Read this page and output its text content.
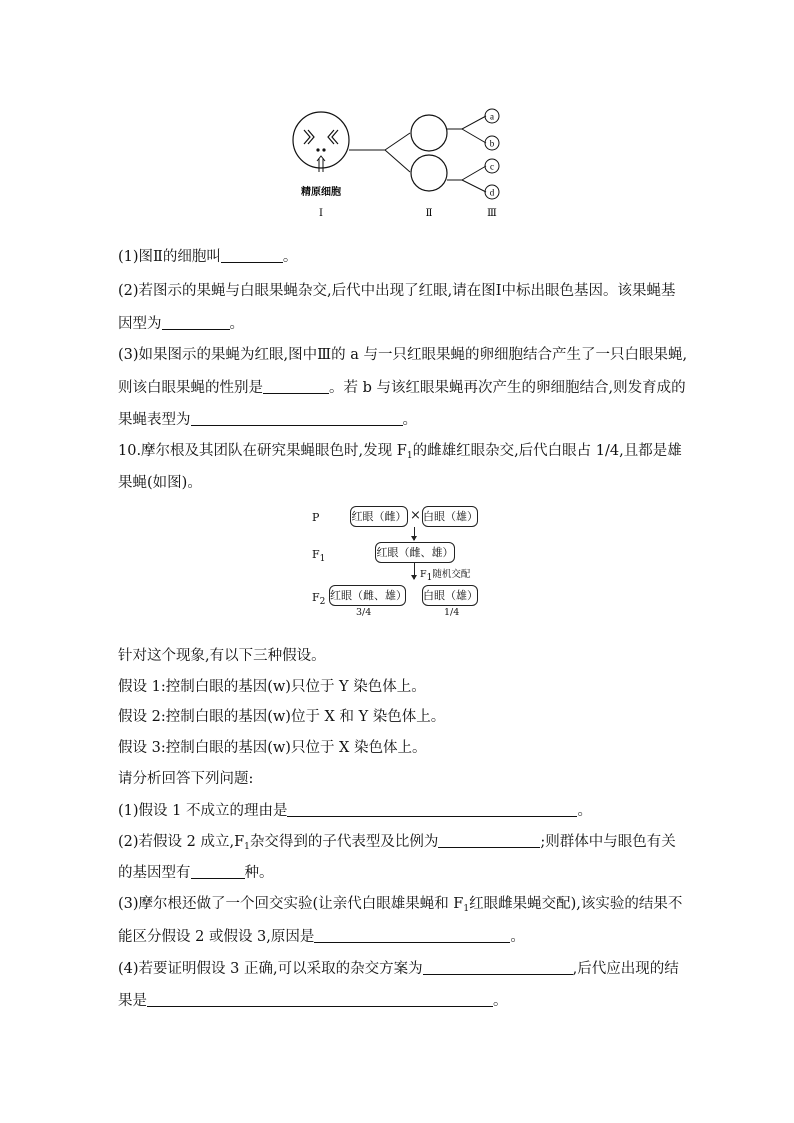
a
b
c
d
精原细胞
Ⅰ	Ⅱ	Ⅲ
(1)图Ⅱ的细胞叫	。
(2)若图示的果蝇与白眼果蝇杂交,后代中出现了红眼,请在图Ⅰ中标出眼色基因。该果蝇基
因型为	。
(3)如果图示的果蝇为红眼,图中Ⅲ的 a 与一只红眼果蝇的卵细胞结合产生了一只白眼果蝇,
则该白眼果蝇的性别是	。若 b 与该红眼果蝇再次产生的卵细胞结合,则发育成的
果蝇表型为	。
10.摩尔根及其团队在研究果蝇眼色时,发现 $F_1$的雌雄红眼杂交,后代白眼占 1/4,且都是雄
果蝇(如图)。
P	红眼（雌） × 白眼（雄）
$F_1$	红眼（雌、雄）
$F_1$随机交配
$F_2$ 红眼（雌、雄） 白眼（雄）
3/4	1/4
针对这个现象,有以下三种假设。
假设 1:控制白眼的基因(w)只位于 Y 染色体上。
假设 2:控制白眼的基因(w)位于 X 和 Y 染色体上。
假设 3:控制白眼的基因(w)只位于 X 染色体上。
请分析回答下列问题:
(1)假设 1 不成立的理由是	。
(2)若假设 2 成立$,F_1$杂交得到的子代表型及比例为	;则群体中与眼色有关
的基因型有	种。
(3)摩尔根还做了一个回交实验(让亲代白眼雄果蝇和 $F_1$红眼雌果蝇交配),该实验的结果不
能区分假设 2 或假设 3,原因是	。
(4)若要证明假设 3 正确,可以采取的杂交方案为	,后代应出现的结
果是	。
